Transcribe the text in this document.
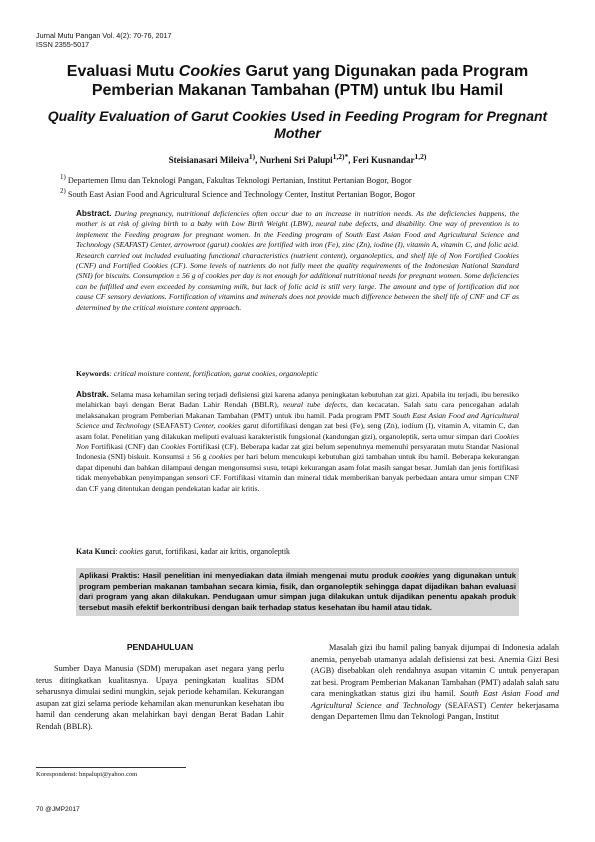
Jurnal Mutu Pangan Vol. 4(2): 70-76, 2017
ISSN 2355-5017
Evaluasi Mutu Cookies Garut yang Digunakan pada Program Pemberian Makanan Tambahan (PTM) untuk Ibu Hamil
Quality Evaluation of Garut Cookies Used in Feeding Program for Pregnant Mother
Steisianasari Mileiva$^{1)}$, Nurheni Sri Palupi$^{1,2)*}$, Feri Kusnandar$^{1,2)}$
$^{1)}$ Departemen Ilmu dan Teknologi Pangan, Fakultas Teknologi Pertanian, Institut Pertanian Bogor, Bogor
$^{2)}$ South East Asian Food and Agricultural Science and Technology Center, Institut Pertanian Bogor, Bogor
Abstract. During pregnancy, nutritional deficiencies often occur due to an increase in nutrition needs. As the deficiencies happens, the mother is at risk of giving birth to a baby with Low Birth Weight (LBW), neural tube defects, and disability. One way of prevention is to implement the Feeding program for pregnant women. In the Feeding program of South East Asian Food and Agricultural Science and Technology (SEAFAST) Center, arrowroot (garut) cookies are fortified with iron (Fe), zinc (Zn), iodine (I), vitamin A, vitamin C, and folic acid. Research carried out included evaluating functional characteristics (nutrient content), organoleptics, and shelf life of Non Fortified Cookies (CNF) and Fortified Cookies (CF). Some levels of nutrients do not fully meet the quality requirements of the Indonesian National Standard (SNI) for biscuits. Consumption ± 56 g of cookies per day is not enough for additional nutritional needs for pregnant women. Some deficiencies can be fulfilled and even exceeded by consuming milk, but lack of folic acid is still very large. The amount and type of fortification did not cause CF sensory deviations. Fortification of vitamins and minerals does not provide much difference between the shelf life of CNF and CF as determined by the critical moisture content approach.
Keywords: critical moisture content, fortification, garut cookies, organoleptic
Abstrak. Selama masa kehamilan sering terjadi defisiensi gizi karena adanya peningkatan kebutuhan zat gizi. Apabila itu terjadi, ibu beresiko melahirkan bayi dengan Berat Badan Lahir Rendah (BBLR), neural tube defects, dan kecacatan. Salah satu cara pencegahan adalah melaksanakan program Pemberian Makanan Tambahan (PMT) untuk ibu hamil. Pada program PMT South East Asian Food and Agricultural Science and Technology (SEAFAST) Center, cookies garut difortifikasi dengan zat besi (Fe), seng (Zn), iodium (I), vitamin A, vitamin C, dan asam folat. Penelitian yang dilakukan meliputi evaluasi karakteristik fungsional (kandungan gizi), organoleptik, serta umur simpan dari Cookies Non Fortifikasi (CNF) dan Cookies Fortifikasi (CF). Beberapa kadar zat gizi belum sepenuhnya memenuhi persyaratan mutu Standar Nasional Indonesia (SNI) biskuit. Konsumsi ± 56 g cookies per hari belum mencukupi kebutuhan gizi tambahan untuk ibu hamil. Beberapa kekurangan dapat dipenuhi dan bahkan dilampaui dengan mengonsumsi susu, tetapi kekurangan asam folat masih sangat besar. Jumlah dan jenis fortifikasi tidak menyebabkan penyimpangan sensori CF. Fortifikasi vitamin dan mineral tidak memberikan banyak perbedaan antara umur simpan CNF dan CF yang ditentukan dengan pendekatan kadar air kritis.
Kata Kunci: cookies garut, fortifikasi, kadar air kritis, organoleptik
Aplikasi Praktis: Hasil penelitian ini menyediakan data ilmiah mengenai mutu produk cookies yang digunakan untuk program pemberian makanan tambahan secara kimia, fisik, dan organoleptik sehingga dapat dijadikan bahan evaluasi dari program yang akan dilakukan. Pendugaan umur simpan juga dilakukan untuk dijadikan penentu apakah produk tersebut masih efektif berkontribusi dengan baik terhadap status kesehatan ibu hamil atau tidak.
PENDAHULUAN

Sumber Daya Manusia (SDM) merupakan aset negara yang perlu terus ditingkatkan kualitasnya. Upaya peningkatan kualitas SDM seharusnya dimulai sedini mungkin, sejak periode kehamilan. Kekurangan asupan zat gizi selama periode kehamilan akan menurunkan kesehatan ibu hamil dan cenderung akan melahirkan bayi dengan Berat Badan Lahir Rendah (BBLR).

Masalah gizi ibu hamil paling banyak dijumpai di Indonesia adalah anemia, penyebab utamanya adalah defisiensi zat besi. Anemia Gizi Besi (AGB) disebabkan oleh rendahnya asupan vitamin C untuk penyerapan zat besi. Program Pemberian Makanan Tambahan (PMT) adalah salah satu cara meningkatkan status gizi ibu hamil. South East Asian Food and Agricultural Science and Technology (SEAFAST) Center bekerjasama dengan Departemen Ilmu dan Teknologi Pangan, Institut

Korespondensi: hnpalupi@yahoo.com
70 @JMP2017
